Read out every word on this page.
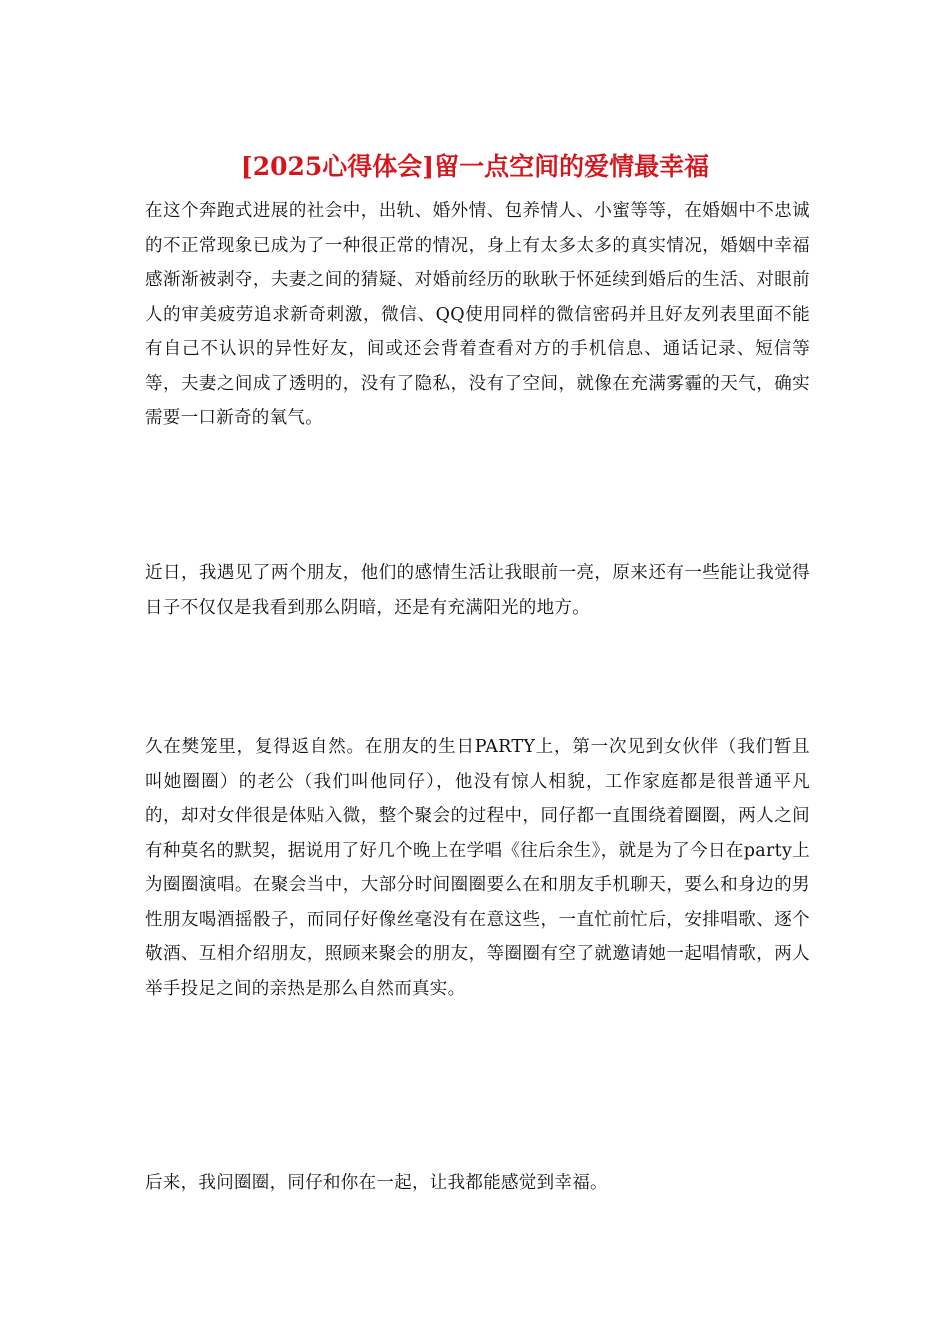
[2025心得体会]留一点空间的爱情最幸福

在这个奔跑式进展的社会中，出轨、婚外情、包养情人、小蜜等等，在婚姻中不忠诚的不正常现象已成为了一种很正常的情况，身上有太多太多的真实情况，婚姻中幸福感渐渐被剥夺，夫妻之间的猜疑、对婚前经历的耿耿于怀延续到婚后的生活、对眼前人的审美疲劳追求新奇刺激，微信、QQ使用同样的微信密码并且好友列表里面不能有自己不认识的异性好友，间或还会背着查看对方的手机信息、通话记录、短信等等，夫妻之间成了透明的，没有了隐私，没有了空间，就像在充满雾霾的天气，确实需要一口新奇的氧气。

近日，我遇见了两个朋友，他们的感情生活让我眼前一亮，原来还有一些能让我觉得日子不仅仅是我看到那么阴暗，还是有充满阳光的地方。

久在樊笼里，复得返自然。在朋友的生日PARTY上，第一次见到女伙伴（我们暂且叫她圈圈）的老公（我们叫他同仔），他没有惊人相貌，工作家庭都是很普通平凡的，却对女伴很是体贴入微，整个聚会的过程中，同仔都一直围绕着圈圈，两人之间有种莫名的默契，据说用了好几个晚上在学唱《往后余生》，就是为了今日在party上为圈圈演唱。在聚会当中，大部分时间圈圈要么在和朋友手机聊天，要么和身边的男性朋友喝酒摇骰子，而同仔好像丝毫没有在意这些，一直忙前忙后，安排唱歌、逐个敬酒、互相介绍朋友，照顾来聚会的朋友，等圈圈有空了就邀请她一起唱情歌，两人举手投足之间的亲热是那么自然而真实。

后来，我问圈圈，同仔和你在一起，让我都能感觉到幸福。
